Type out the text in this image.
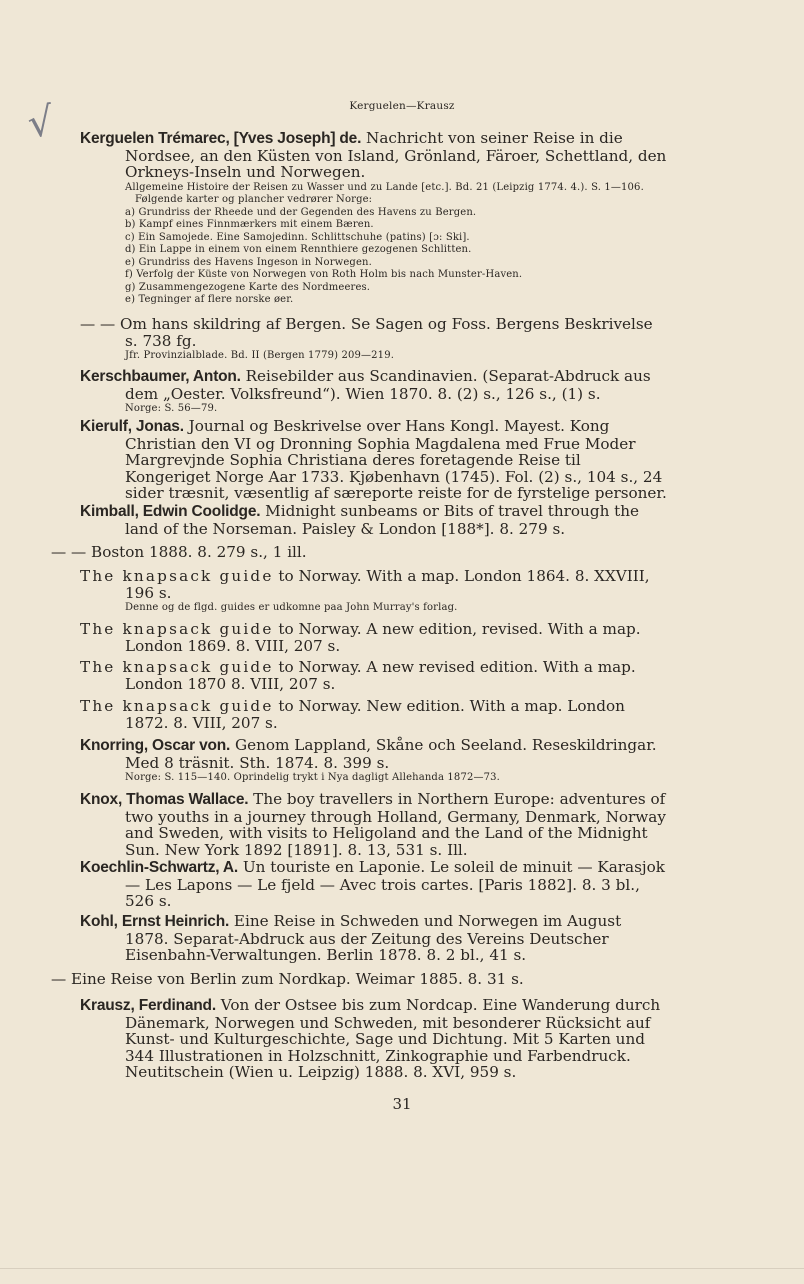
√	Kerguelen—Krausz

Kerguelen Trémarec, [Yves Joseph] de. Nachricht von seiner Reise in die Nordsee, an den Küsten von Island, Grönland, Färoer, Schettland, den Orkneys-Inseln und Norwegen.

Allgemeine Histoire der Reisen zu Wasser und zu Lande [etc.]. Bd. 21 (Leipzig 1774. 4.). S. 1—106.
Følgende karter og plancher vedrører Norge:
a) Grundriss der Rheede und der Gegenden des Havens zu Bergen.
b) Kampf eines Finnmærkers mit einem Bæren.
c) Ein Samojede. Eine Samojedinn. Schlittschuhe (patins) [ɔ: Ski].
d) Ein Lappe in einem von einem Rennthiere gezogenen Schlitten.
e) Grundriss des Havens Ingeson in Norwegen.
f) Verfolg der Küste von Norwegen von Roth Holm bis nach Munster-Haven.
g) Zusammengezogene Karte des Nordmeeres.
e) Tegninger af flere norske øer.

— — Om hans skildring af Bergen. Se Sagen og Foss. Bergens Beskrivelse s. 738 fg.

Jfr. Provinzialblade. Bd. II (Bergen 1779) 209—219.

Kerschbaumer, Anton. Reisebilder aus Scandinavien. (Separat-Abdruck aus dem „Oester. Volksfreund“). Wien 1870. 8. (2) s., 126 s., (1) s.

Norge: S. 56—79.

Kierulf, Jonas. Journal og Beskrivelse over Hans Kongl. Mayest. Kong Christian den VI og Dronning Sophia Magdalena med Frue Moder Margrevjnde Sophia Christiana deres foretagende Reise til Kongeriget Norge Aar 1733. Kjøbenhavn (1745). Fol. (2) s., 104 s., 24 sider træsnit, væsentlig af særeporte reiste for de fyrstelige personer.

Kimball, Edwin Coolidge. Midnight sunbeams or Bits of travel through the land of the Norseman. Paisley & London [188*]. 8. 279 s.

— — Boston 1888. 8. 279 s., 1 ill.

The knapsack guide to Norway. With a map. London 1864. 8. XXVIII, 196 s.

Denne og de flgd. guides er udkomne paa John Murray's forlag.

The knapsack guide to Norway. A new edition, revised. With a map. London 1869. 8. VIII, 207 s.

The knapsack guide to Norway. A new revised edition. With a map. London 1870 8. VIII, 207 s.

The knapsack guide to Norway. New edition. With a map. London 1872. 8. VIII, 207 s.

Knorring, Oscar von. Genom Lappland, Skåne och Seeland. Reseskildringar. Med 8 träsnit. Sth. 1874. 8. 399 s.

Norge: S. 115—140. Oprindelig trykt i Nya dagligt Allehanda 1872—73.

Knox, Thomas Wallace. The boy travellers in Northern Europe: adventures of two youths in a journey through Holland, Germany, Denmark, Norway and Sweden, with visits to Heligoland and the Land of the Midnight Sun. New York 1892 [1891]. 8. 13, 531 s. Ill.

Koechlin-Schwartz, A. Un touriste en Laponie. Le soleil de minuit — Karasjok — Les Lapons — Le fjeld — Avec trois cartes. [Paris 1882]. 8. 3 bl., 526 s.

Kohl, Ernst Heinrich. Eine Reise in Schweden und Norwegen im August 1878. Separat-Abdruck aus der Zeitung des Vereins Deutscher Eisenbahn-Verwaltungen. Berlin 1878. 8. 2 bl., 41 s.

— Eine Reise von Berlin zum Nordkap. Weimar 1885. 8. 31 s.

Krausz, Ferdinand. Von der Ostsee bis zum Nordcap. Eine Wanderung durch Dänemark, Norwegen und Schweden, mit besonderer Rücksicht auf Kunst- und Kulturgeschichte, Sage und Dichtung. Mit 5 Karten und 344 Illustrationen in Holzschnitt, Zinkographie und Farbendruck. Neutitschein (Wien u. Leipzig) 1888. 8. XVI, 959 s.

31
